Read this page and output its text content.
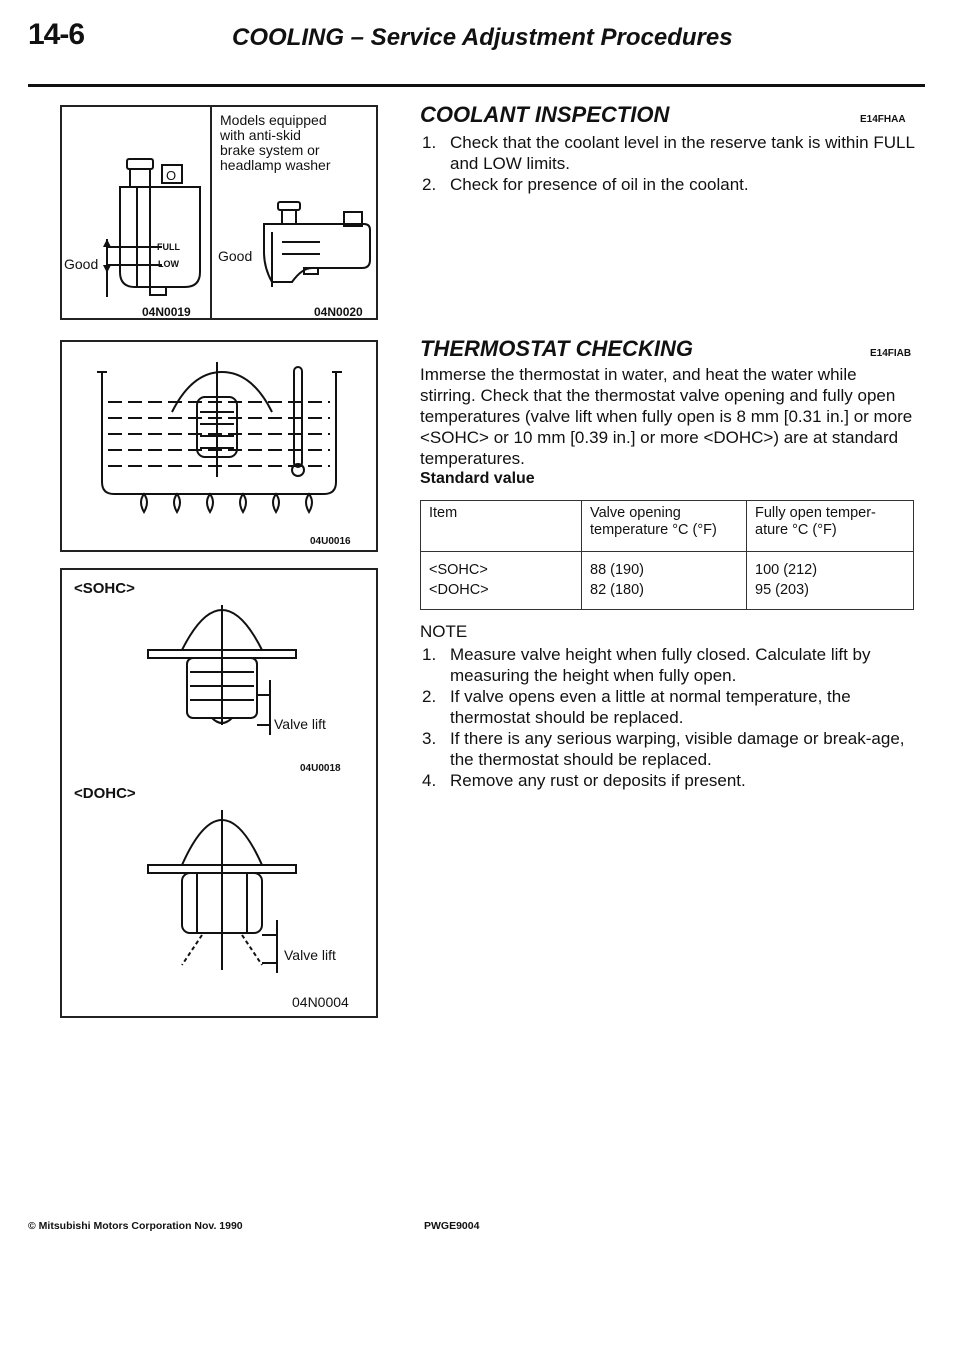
14-6	COOLING – Service Adjustment Procedures
O
Good
FULL
LOW
04N0019
Models equipped
with anti-skid
brake system or
headlamp washer
Good
04N0020
04U0016
<SOHC>
Valve lift
04U0018
<DOHC>
Valve lift
04N0004
COOLANT INSPECTION	E14FHAA
1. Check that the coolant level in the reserve tank is within FULL and LOW limits.
2. Check for presence of oil in the coolant.
THERMOSTAT CHECKING	E14FIAB
Immerse the thermostat in water, and heat the water while stirring. Check that the thermostat valve opening and fully open temperatures (valve lift when fully open is 8 mm [0.31 in.] or more <SOHC> or 10 mm [0.39 in.] or more <DOHC>) are at standard temperatures.
Standard value
Item	Valve opening temperature °C (°F)	Fully open temper-ature °C (°F)
<SOHC>	88 (190)	100 (212)
<DOHC>	82 (180)	95 (203)
NOTE
1. Measure valve height when fully closed. Calculate lift by measuring the height when fully open.
2. If valve opens even a little at normal temperature, the thermostat should be replaced.
3. If there is any serious warping, visible damage or break-age, the thermostat should be replaced.
4. Remove any rust or deposits if present.
© Mitsubishi Motors Corporation Nov. 1990	PWGE9004
